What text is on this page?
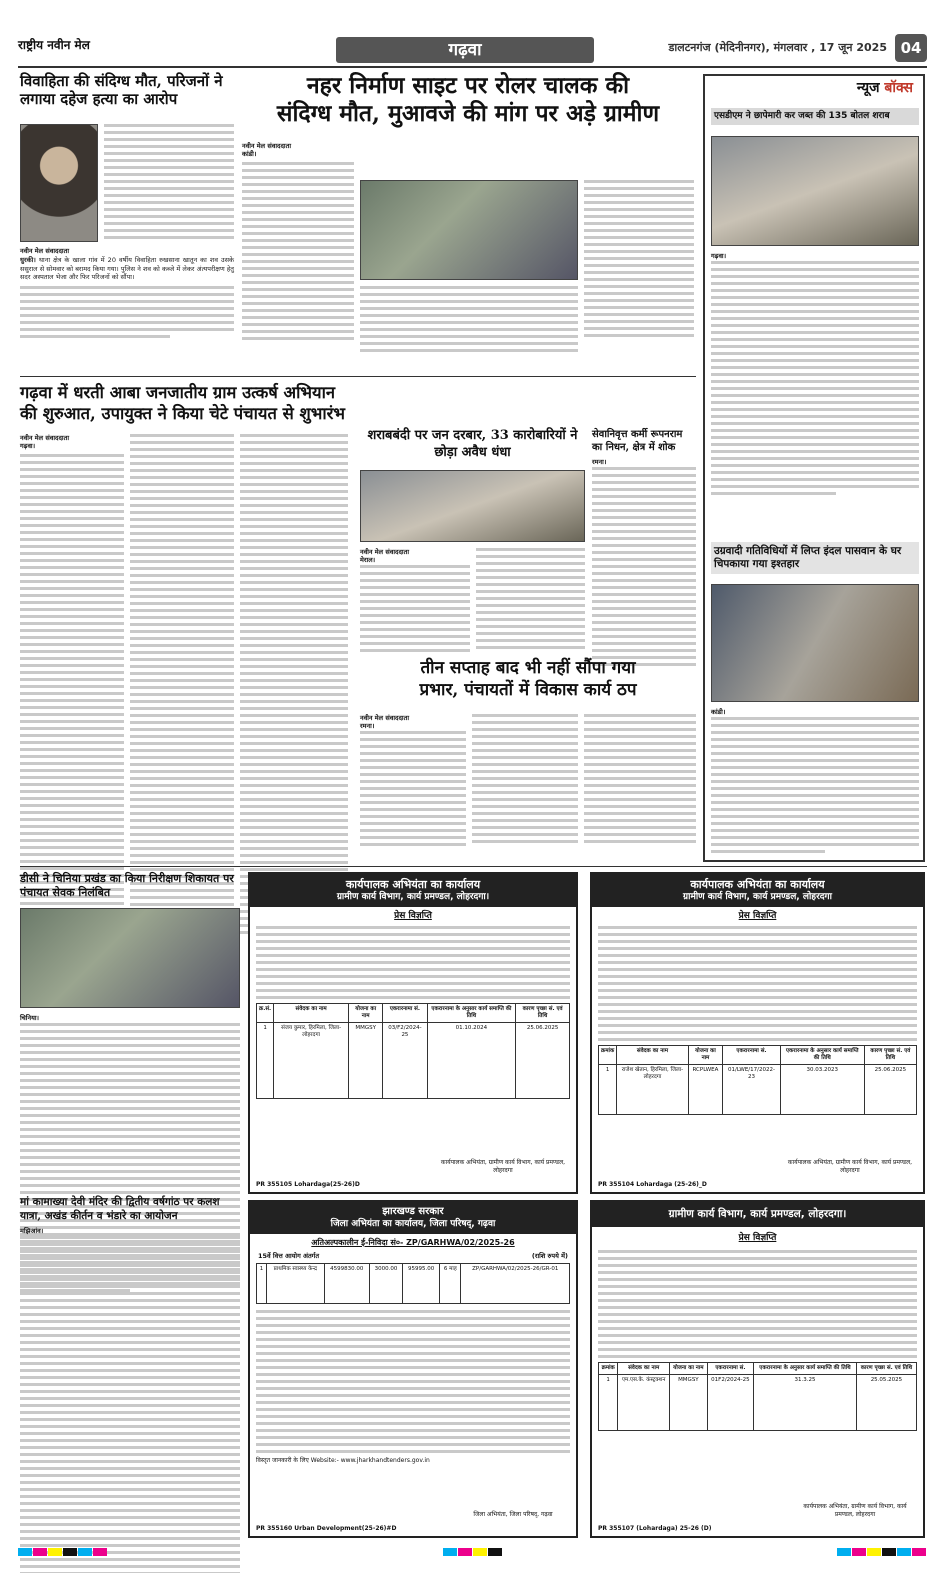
राष्ट्रीय नवीन मेल	गढ़वा	डालटनगंज (मेदिनीनगर), मंगलवार , 17 जून 2025 04
विवाहिता की संदिग्ध मौत, परिजनों ने लगाया दहेज हत्या का आरोप
नवीन मेल संवाददाता
धुरकी। थाना क्षेत्र के खाला गांव में 20 वर्षीय विवाहिता रुखसाना खातून का शव उसके ससुराल से सोमवार को बरामद किया गया। पुलिस ने शव को कब्जे में लेकर अंत्यपरीक्षण हेतु सदर अस्पताल भेजा और फिर परिजनों को सौंपा।
नहर निर्माण साइट पर रोलर चालक की
संदिग्ध मौत, मुआवजे की मांग पर अड़े ग्रामीण
नवीन मेल संवाददाता
कांडी।
न्यूज बॉक्स
एसडीएम ने छापेमारी कर जब्त की 135 बोतल शराब
गढ़वा।
उग्रवादी गतिविधियों में लिप्त इंदल पासवान के घर चिपकाया गया इश्तहार
कांडी।
गढ़वा में धरती आबा जनजातीय ग्राम उत्कर्ष अभियान
की शुरुआत, उपायुक्त ने किया चेटे पंचायत से शुभारंभ
नवीन मेल संवाददाता
गढ़वा।
शराबबंदी पर जन दरबार, 33 कारोबारियों ने छोड़ा अवैध धंधा
नवीन मेल संवाददाता
मेराल।
सेवानिवृत्त कर्मी रूपनराम का निधन, क्षेत्र में शोक
रमना।
तीन सप्ताह बाद भी नहीं सौंपा गया
प्रभार, पंचायतों में विकास कार्य ठप
नवीन मेल संवाददाता
रमना।
डीसी ने चिनिया प्रखंड का किया निरीक्षण शिकायत पर पंचायत सेवक निलंबित
चिनिया।
मां कामाख्या देवी मंदिर की द्वितीय वर्षगांठ पर कलश यात्रा, अखंड कीर्तन व भंडारे का आयोजन
मझिआंव।
कार्यपालक अभियंता का कार्यालय
ग्रामीण कार्य विभाग, कार्य प्रमण्डल, लोहरदगा।
प्रेस विज्ञप्ति
क्र.सं.	संवेदक का नाम	योजना का नाम	एकरारनामा सं.	एकरारनामा के अनुसार कार्य समाप्ति की तिथि	कारण पृच्छा सं. एवं तिथि
1	संजय कुमार, हिरमिला, जिला-लोहरदगा	MMGSY	03/F2/2024-25	01.10.2024	25.06.2025
कार्यपालक अभियंता, ग्रामीण कार्य विभाग, कार्य प्रमण्डल, लोहरदगा
PR 355105 Lohardaga(25-26)D
कार्यपालक अभियंता का कार्यालय
ग्रामीण कार्य विभाग, कार्य प्रमण्डल, लोहरदगा
प्रेस विज्ञप्ति
क्रमांक	संवेदक का नाम	योजना का नाम	एकरारनामा सं.	एकरारनामा के अनुसार कार्य समाप्ति की तिथि	कारण पृच्छा सं. एवं तिथि
1	राजेश खेतान, हिरमिला, जिला-लोहरदगा	RCPLWEA	01/LWE/17/2022-23	30.03.2023	25.06.2025
कार्यपालक अभियंता, ग्रामीण कार्य विभाग, कार्य प्रमण्डल, लोहरदगा
PR 355104 Lohardaga (25-26)_D
झारखण्ड सरकार
जिला अभियंता का कार्यालय, जिला परिषद्, गढ़वा
अतिअल्पकालीन ई-निविदा सं०- ZP/GARHWA/02/2025-26
15वें वित्त आयोग अंतर्गत	(राशि रुपये में)
1	प्राथमिक स्वास्थ्य केन्द्र	4599830.00	3000.00	95995.00	6 माह	ZP/GARHWA/02/2025-26/GR-01
विस्तृत जानकारी के लिए Website:- www.jharkhandtenders.gov.in
जिला अभियंता, जिला परिषद्, गढ़वा
PR 355160 Urban Development(25-26)#D
ग्रामीण कार्य विभाग, कार्य प्रमण्डल, लोहरदगा।
प्रेस विज्ञप्ति
क्रमांक	संवेदक का नाम	योजना का नाम	एकरारनामा सं.	एकरारनामा के अनुसार कार्य समाप्ति की तिथि	कारण पृच्छा सं. एवं तिथि
1	एम.एस.के. कंस्ट्रक्शन	MMGSY	01F2/2024-25	31.3.25	25.05.2025
कार्यपालक अभियंता, ग्रामीण कार्य विभाग, कार्य प्रमण्डल, लोहरदगा
PR 355107 (Lohardaga) 25-26 (D)
